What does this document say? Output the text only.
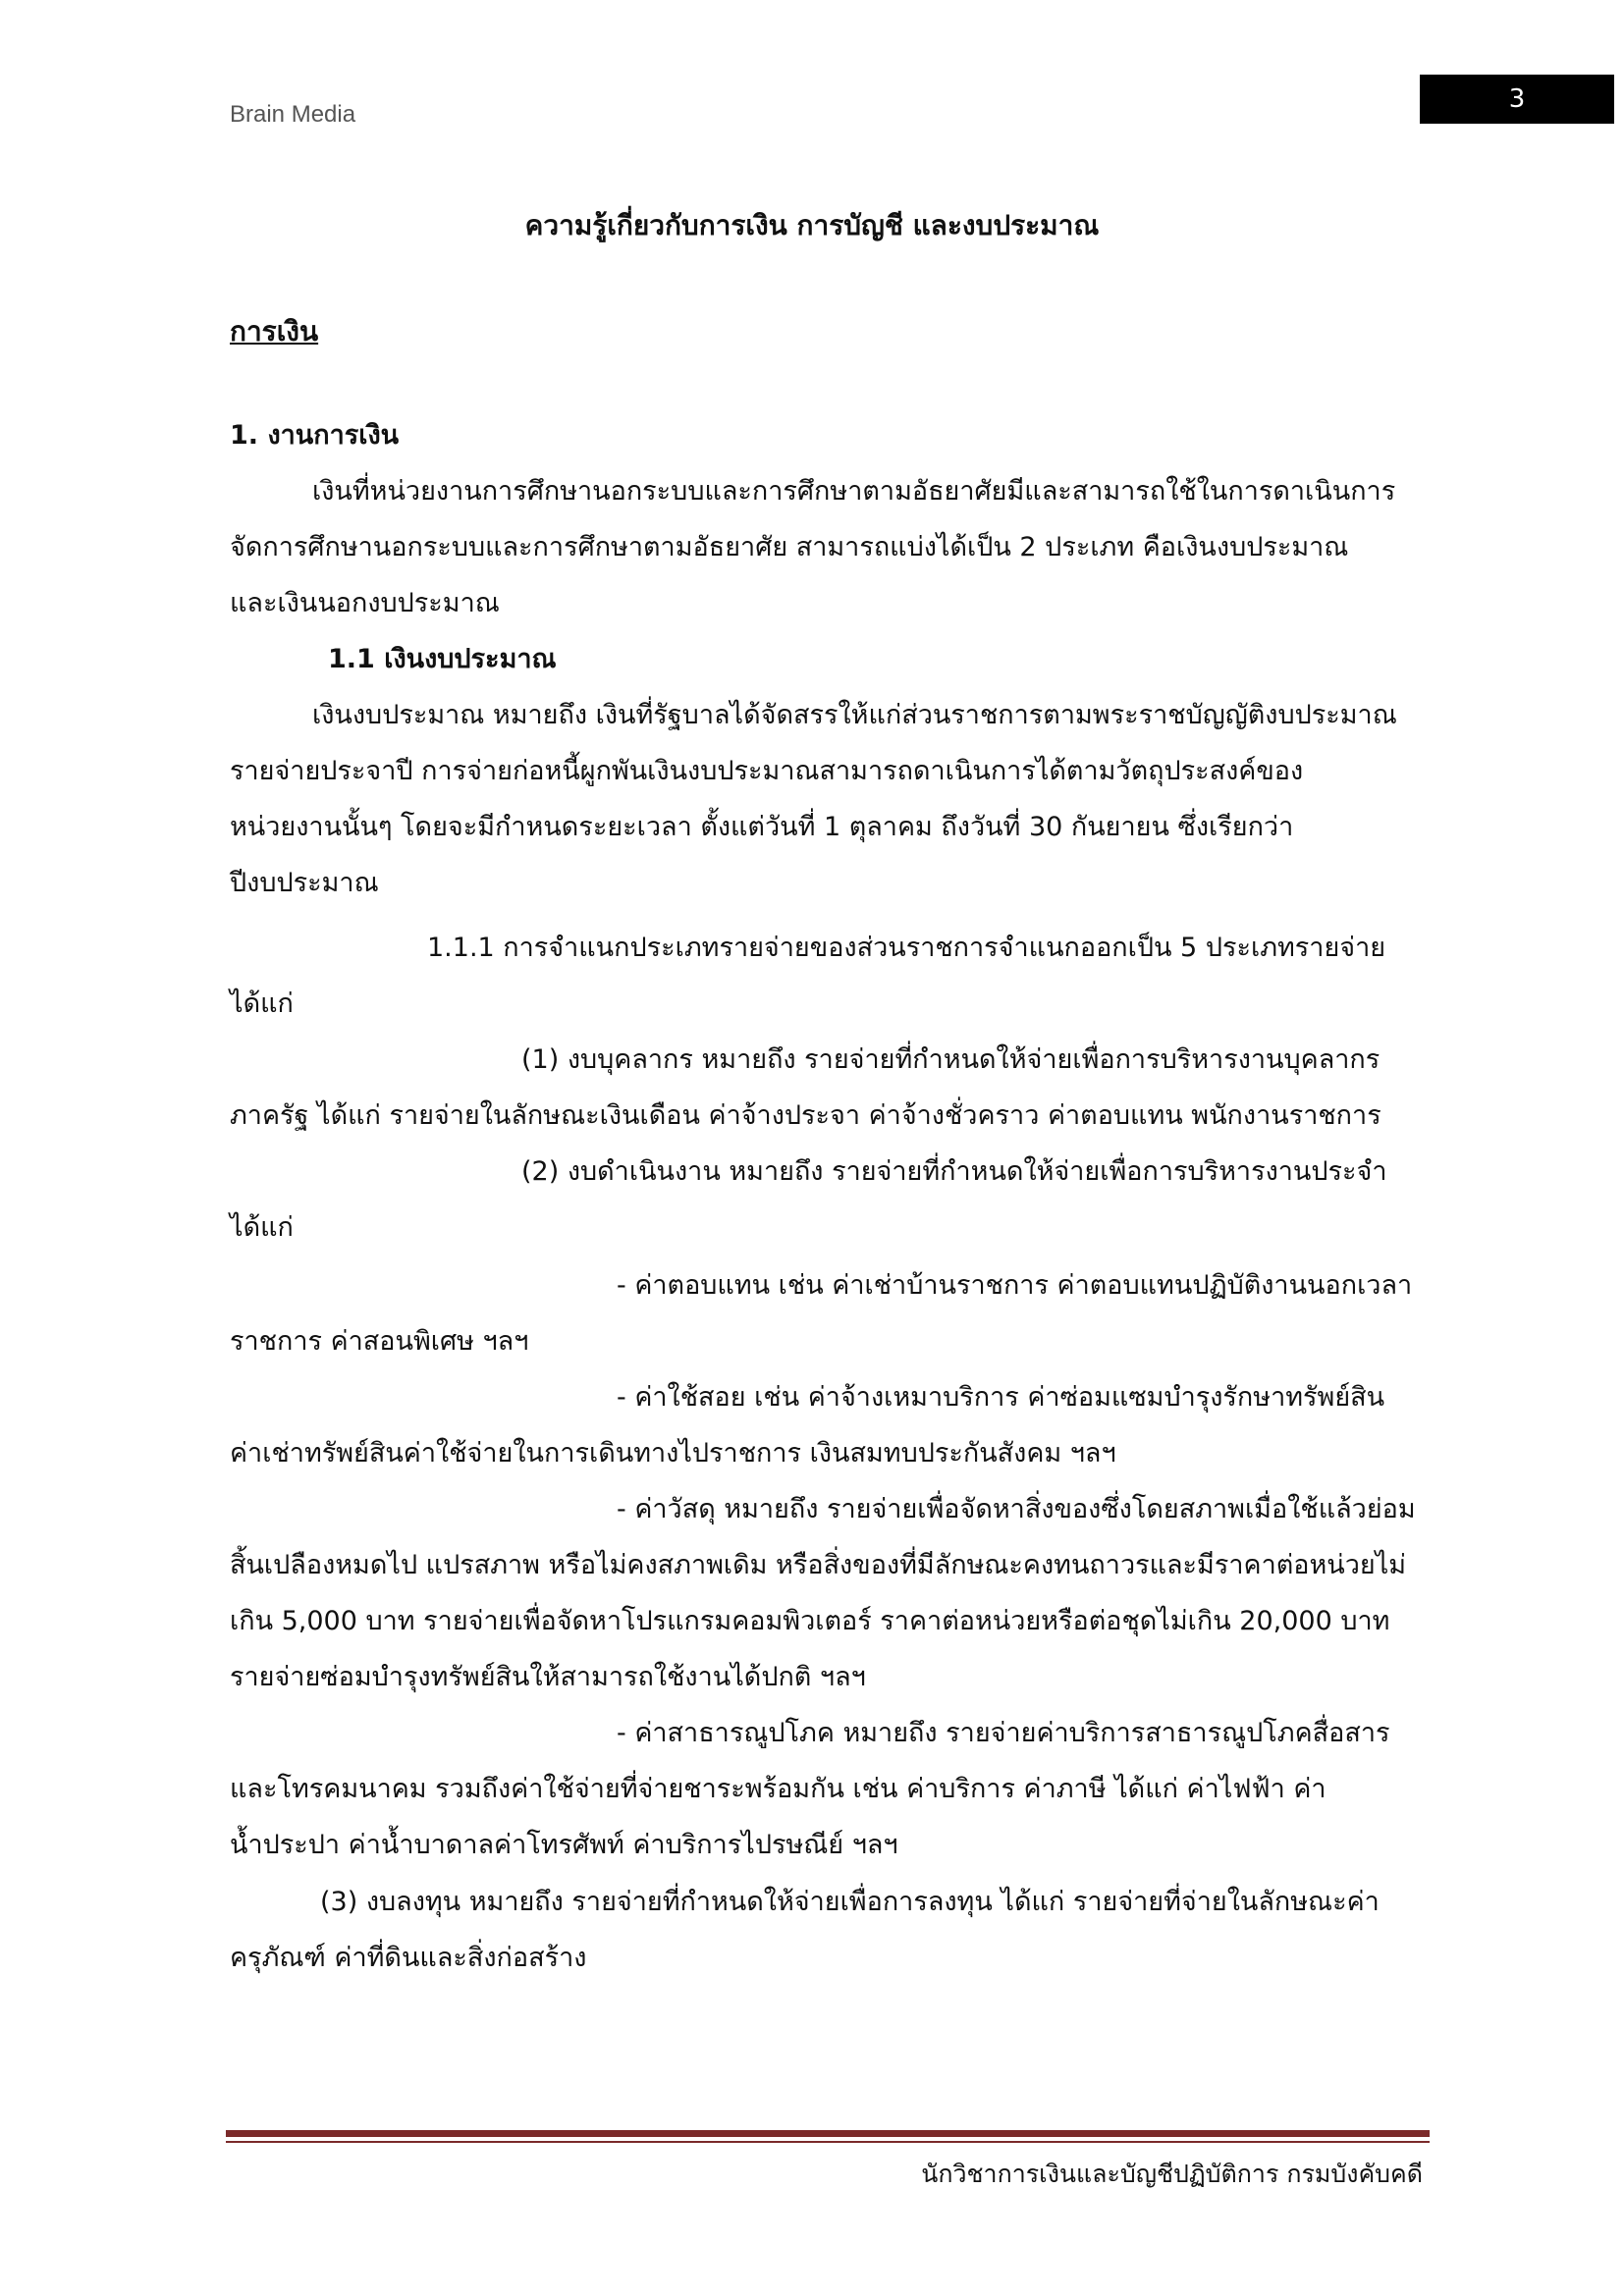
Brain Media
3
ความรู้เกี่ยวกับการเงิน การบัญชี และงบประมาณ
การเงิน
1. งานการเงิน
เงินที่หน่วยงานการศึกษานอกระบบและการศึกษาตามอัธยาศัยมีและสามารถใช้ในการดาเนินการ
จัดการศึกษานอกระบบและการศึกษาตามอัธยาศัย สามารถแบ่งได้เป็น 2 ประเภท คือเงินงบประมาณ
และเงินนอกงบประมาณ
1.1 เงินงบประมาณ
เงินงบประมาณ หมายถึง เงินที่รัฐบาลได้จัดสรรให้แก่ส่วนราชการตามพระราชบัญญัติงบประมาณ
รายจ่ายประจาปี การจ่ายก่อหนี้ผูกพันเงินงบประมาณสามารถดาเนินการได้ตามวัตถุประสงค์ของ
หน่วยงานนั้นๆ โดยจะมีกำหนดระยะเวลา ตั้งแต่วันที่ 1 ตุลาคม ถึงวันที่ 30 กันยายน ซึ่งเรียกว่า
ปีงบประมาณ
1.1.1 การจำแนกประเภทรายจ่ายของส่วนราชการจำแนกออกเป็น 5 ประเภทรายจ่าย
ได้แก่
(1) งบบุคลากร หมายถึง รายจ่ายที่กำหนดให้จ่ายเพื่อการบริหารงานบุคลากร
ภาครัฐ ได้แก่ รายจ่ายในลักษณะเงินเดือน ค่าจ้างประจา ค่าจ้างชั่วคราว ค่าตอบแทน พนักงานราชการ
(2) งบดำเนินงาน หมายถึง รายจ่ายที่กำหนดให้จ่ายเพื่อการบริหารงานประจำ
ได้แก่
- ค่าตอบแทน เช่น ค่าเช่าบ้านราชการ ค่าตอบแทนปฏิบัติงานนอกเวลา
ราชการ ค่าสอนพิเศษ ฯลฯ
- ค่าใช้สอย เช่น ค่าจ้างเหมาบริการ ค่าซ่อมแซมบำรุงรักษาทรัพย์สิน
ค่าเช่าทรัพย์สินค่าใช้จ่ายในการเดินทางไปราชการ เงินสมทบประกันสังคม ฯลฯ
- ค่าวัสดุ หมายถึง รายจ่ายเพื่อจัดหาสิ่งของซึ่งโดยสภาพเมื่อใช้แล้วย่อม
สิ้นเปลืองหมดไป แปรสภาพ หรือไม่คงสภาพเดิม หรือสิ่งของที่มีลักษณะคงทนถาวรและมีราคาต่อหน่วยไม่
เกิน 5,000 บาท รายจ่ายเพื่อจัดหาโปรแกรมคอมพิวเตอร์ ราคาต่อหน่วยหรือต่อชุดไม่เกิน 20,000 บาท
รายจ่ายซ่อมบำรุงทรัพย์สินให้สามารถใช้งานได้ปกติ ฯลฯ
- ค่าสาธารณูปโภค หมายถึง รายจ่ายค่าบริการสาธารณูปโภคสื่อสาร
และโทรคมนาคม รวมถึงค่าใช้จ่ายที่จ่ายชาระพร้อมกัน เช่น ค่าบริการ ค่าภาษี ได้แก่ ค่าไฟฟ้า ค่า
น้ำประปา ค่าน้ำบาดาลค่าโทรศัพท์ ค่าบริการไปรษณีย์ ฯลฯ
(3) งบลงทุน หมายถึง รายจ่ายที่กำหนดให้จ่ายเพื่อการลงทุน ได้แก่ รายจ่ายที่จ่ายในลักษณะค่า
ครุภัณฑ์ ค่าที่ดินและสิ่งก่อสร้าง
นักวิชาการเงินและบัญชีปฏิบัติการ กรมบังคับคดี
